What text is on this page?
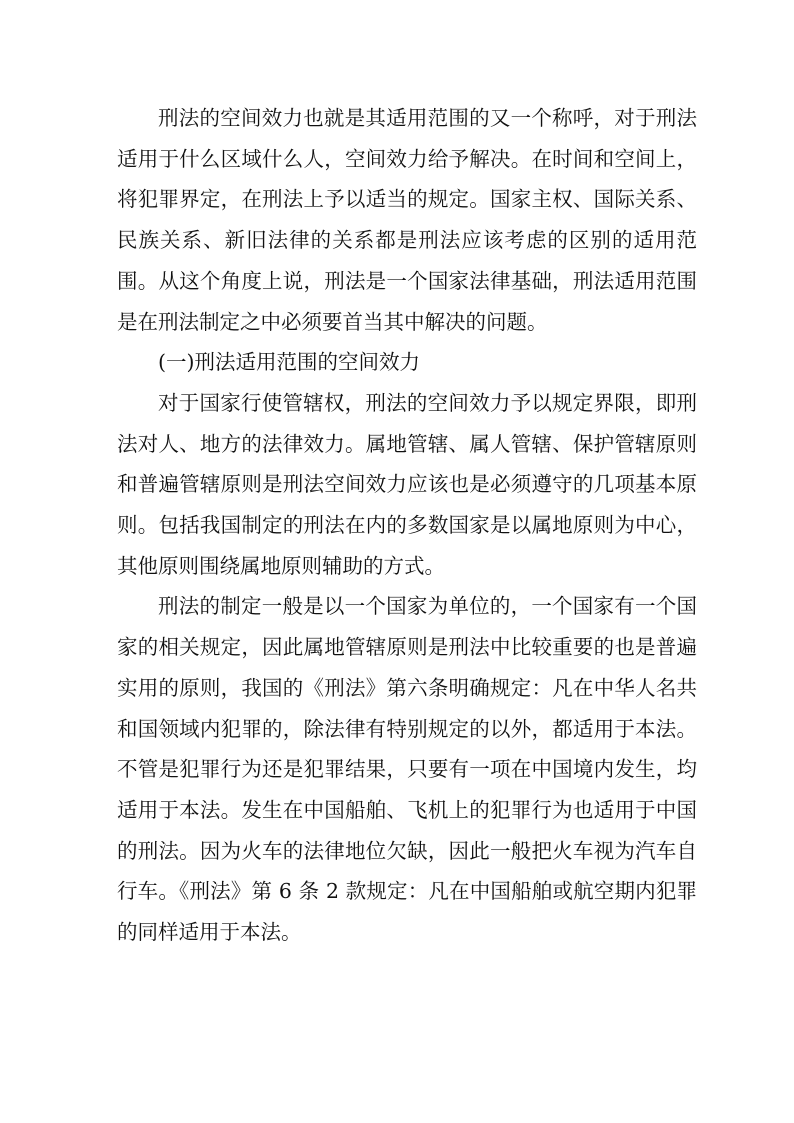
刑法的空间效力也就是其适用范围的又一个称呼，对于刑法适用于什么区域什么人，空间效力给予解决。在时间和空间上，将犯罪界定，在刑法上予以适当的规定。国家主权、国际关系、民族关系、新旧法律的关系都是刑法应该考虑的区别的适用范围。从这个角度上说，刑法是一个国家法律基础，刑法适用范围是在刑法制定之中必须要首当其中解决的问题。

(一)刑法适用范围的空间效力

对于国家行使管辖权，刑法的空间效力予以规定界限，即刑法对人、地方的法律效力。属地管辖、属人管辖、保护管辖原则和普遍管辖原则是刑法空间效力应该也是必须遵守的几项基本原则。包括我国制定的刑法在内的多数国家是以属地原则为中心，其他原则围绕属地原则辅助的方式。

刑法的制定一般是以一个国家为单位的，一个国家有一个国家的相关规定，因此属地管辖原则是刑法中比较重要的也是普遍实用的原则，我国的《刑法》第六条明确规定：凡在中华人名共和国领域内犯罪的，除法律有特别规定的以外，都适用于本法。不管是犯罪行为还是犯罪结果，只要有一项在中国境内发生，均适用于本法。发生在中国船舶、飞机上的犯罪行为也适用于中国的刑法。因为火车的法律地位欠缺，因此一般把火车视为汽车自行车。《刑法》第 6 条 2 款规定：凡在中国船舶或航空期内犯罪的同样适用于本法。
